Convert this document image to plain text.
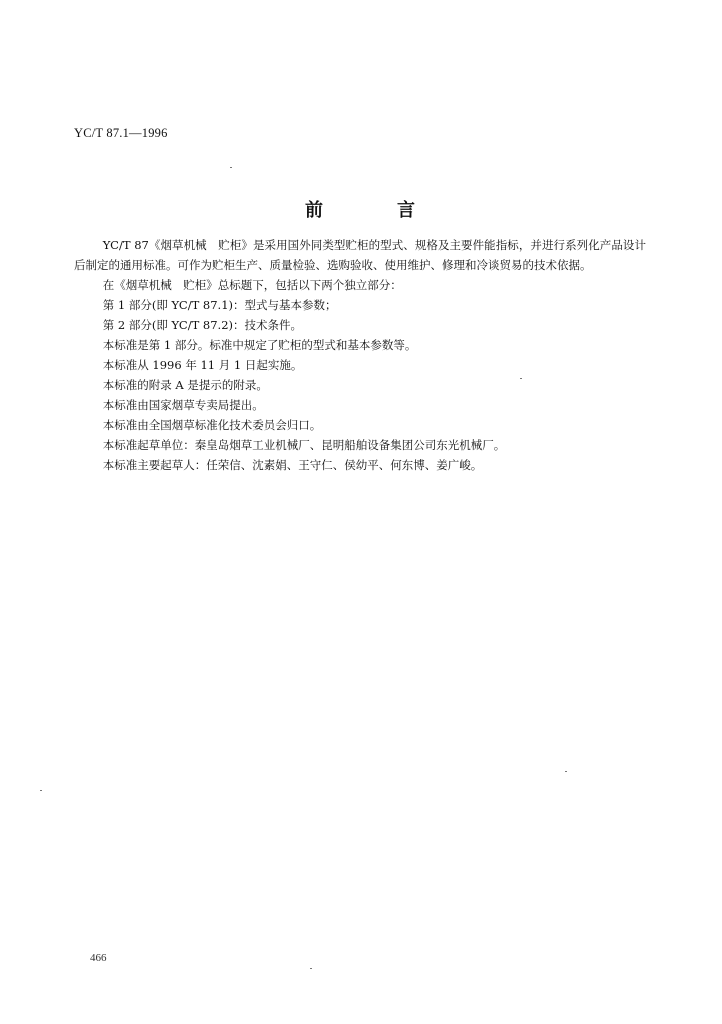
YC/T 87.1—1996
前	言

YC/T 87《烟草机械　贮柜》是采用国外同类型贮柜的型式、规格及主要件能指标，并进行系列化产品设计后制定的通用标准。可作为贮柜生产、质量检验、选购验收、使用维护、修理和冷谈贸易的技术依据。

在《烟草机械　贮柜》总标题下，包括以下两个独立部分：

第 1 部分(即 YC/T 87.1)：型式与基本参数；

第 2 部分(即 YC/T 87.2)：技术条件。

本标准是第 1 部分。标准中规定了贮柜的型式和基本参数等。

本标准从 1996 年 11 月 1 日起实施。

本标准的附录 A 是提示的附录。

本标准由国家烟草专卖局提出。

本标准由全国烟草标准化技术委员会归口。

本标准起草单位：秦皇岛烟草工业机械厂、昆明船舶设备集团公司东光机械厂。

本标准主要起草人：任荣信、沈素娟、王守仁、侯幼平、何东博、姜广峻。

466
